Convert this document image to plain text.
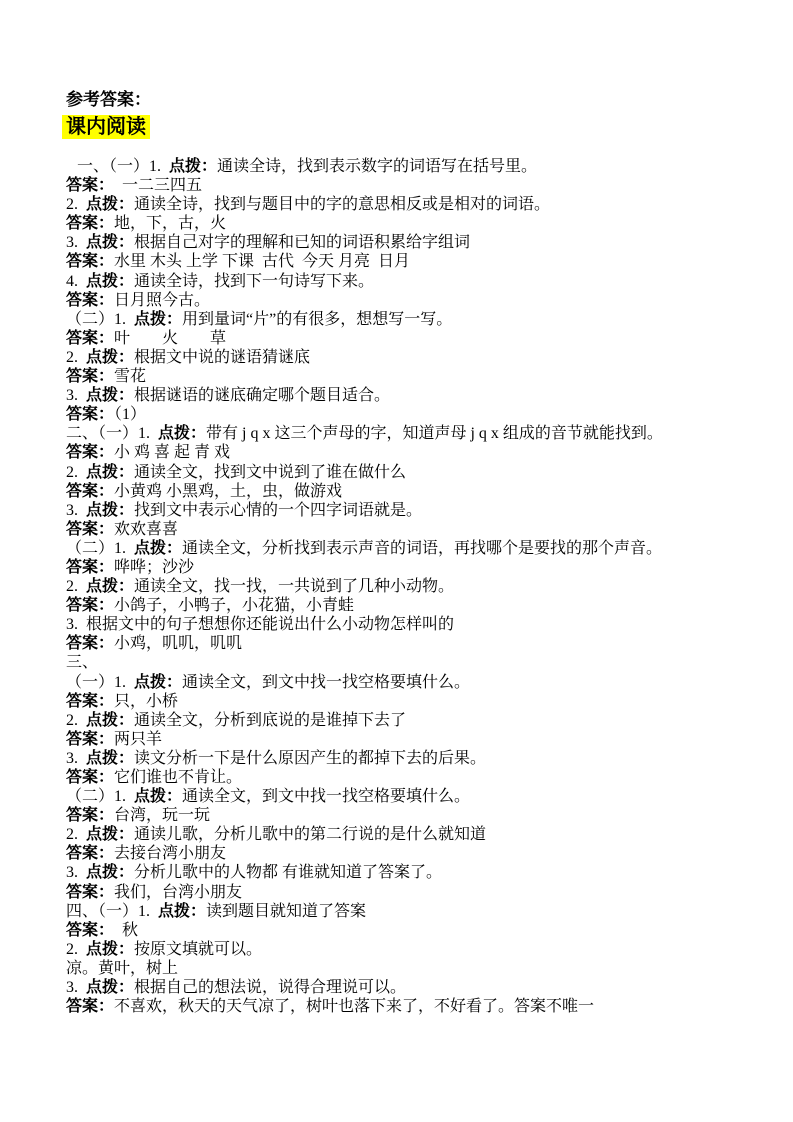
参考答案：
课内阅读
一、（一）1.  点拨：通读全诗，找到表示数字的词语写在括号里。
答案：　一二三四五
2.  点拨：通读全诗，找到与题目中的字的意思相反或是相对的词语。
答案：地，下，古，火
3.  点拨：根据自己对字的理解和已知的词语积累给字组词
答案：水里 木头 上学 下课  古代  今天 月亮  日月
4.  点拨：通读全诗，找到下一句诗写下来。
答案：日月照今古。
（二）1.  点拨：用到量词“片”的有很多，想想写一写。
答案：叶　　火　　草
2.  点拨：根据文中说的谜语猜谜底
答案：雪花
3.  点拨：根据谜语的谜底确定哪个题目适合。
答案：（1）
二、（一）1.  点拨：带有 j q x 这三个声母的字，知道声母 j q x 组成的音节就能找到。
答案：小 鸡 喜 起 青 戏
2.  点拨：通读全文，找到文中说到了谁在做什么
答案：小黄鸡 小黑鸡，土，虫，做游戏
3.  点拨：找到文中表示心情的一个四字词语就是。
答案：欢欢喜喜
（二）1.  点拨：通读全文，分析找到表示声音的词语，再找哪个是要找的那个声音。
答案：哗哗；沙沙
2.  点拨：通读全文，找一找，一共说到了几种小动物。
答案：小鸽子，小鸭子，小花猫，小青蛙
3.  根据文中的句子想想你还能说出什么小动物怎样叫的
答案：小鸡，叽叽，叽叽
三、
（一）1.  点拨：通读全文，到文中找一找空格要填什么。
答案：只，小桥
2.  点拨：通读全文，分析到底说的是谁掉下去了
答案：两只羊
3.  点拨：读文分析一下是什么原因产生的都掉下去的后果。
答案：它们谁也不肯让。
（二）1.  点拨：通读全文，到文中找一找空格要填什么。
答案：台湾，玩一玩
2.  点拨：通读儿歌，分析儿歌中的第二行说的是什么就知道
答案：去接台湾小朋友
3.  点拨：分析儿歌中的人物都 有谁就知道了答案了。
答案：我们，台湾小朋友
四、（一）1.  点拨：读到题目就知道了答案
答案：　秋
2.  点拨：按原文填就可以。
凉。黄叶，树上
3.  点拨：根据自己的想法说，说得合理说可以。
答案：不喜欢，秋天的天气凉了，树叶也落下来了，不好看了。答案不唯一
